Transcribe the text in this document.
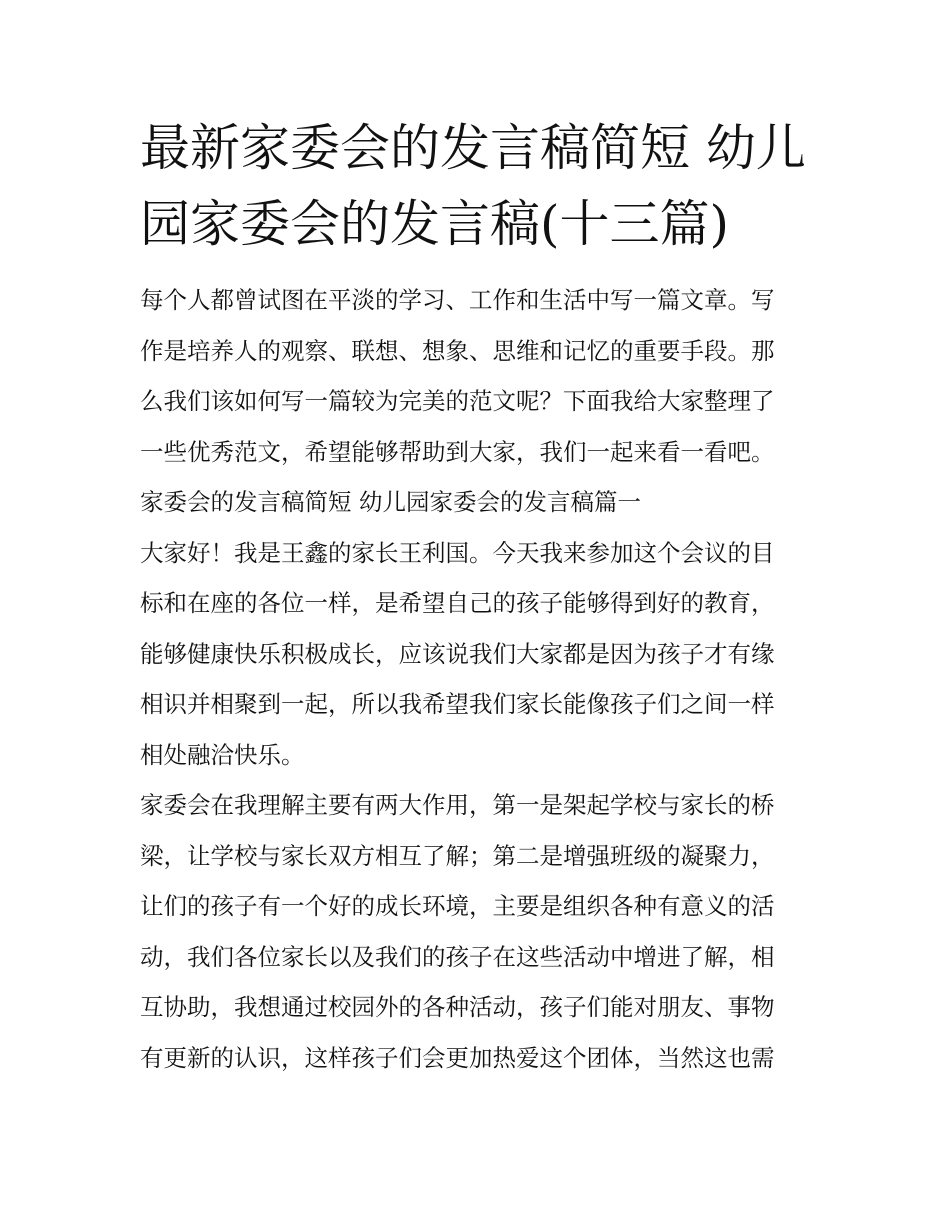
最新家委会的发言稿简短 幼儿
园家委会的发言稿(十三篇)

每个人都曾试图在平淡的学习、工作和生活中写一篇文章。写
作是培养人的观察、联想、想象、思维和记忆的重要手段。那
么我们该如何写一篇较为完美的范文呢？下面我给大家整理了
一些优秀范文，希望能够帮助到大家，我们一起来看一看吧。

家委会的发言稿简短 幼儿园家委会的发言稿篇一

大家好！我是王鑫的家长王利国。今天我来参加这个会议的目
标和在座的各位一样，是希望自己的孩子能够得到好的教育，
能够健康快乐积极成长，应该说我们大家都是因为孩子才有缘
相识并相聚到一起，所以我希望我们家长能像孩子们之间一样
相处融洽快乐。

家委会在我理解主要有两大作用，第一是架起学校与家长的桥
梁，让学校与家长双方相互了解；第二是增强班级的凝聚力，
让们的孩子有一个好的成长环境，主要是组织各种有意义的活
动，我们各位家长以及我们的孩子在这些活动中增进了解，相
互协助，我想通过校园外的各种活动，孩子们能对朋友、事物
有更新的认识，这样孩子们会更加热爱这个团体，当然这也需
